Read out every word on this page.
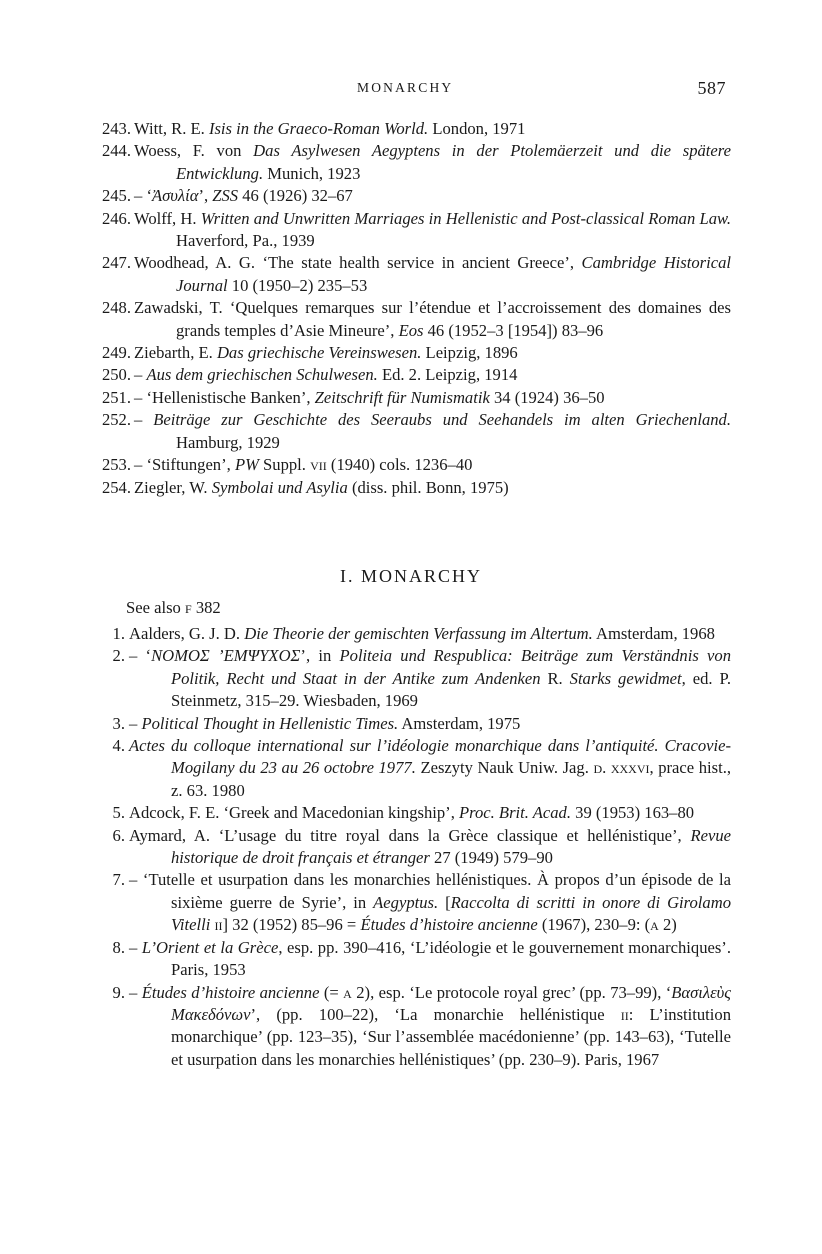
MONARCHY	587
243. Witt, R. E. Isis in the Graeco-Roman World. London, 1971
244. Woess, F. von Das Asylwesen Aegyptens in der Ptolemäerzeit und die spätere Entwicklung. Munich, 1923
245. – ‘Ἀσυλία’, ZSS 46 (1926) 32–67
246. Wolff, H. Written and Unwritten Marriages in Hellenistic and Post-classical Roman Law. Haverford, Pa., 1939
247. Woodhead, A. G. ‘The state health service in ancient Greece’, Cambridge Historical Journal 10 (1950–2) 235–53
248. Zawadski, T. ‘Quelques remarques sur l’étendue et l’accroissement des domaines des grands temples d’Asie Mineure’, Eos 46 (1952–3 [1954]) 83–96
249. Ziebarth, E. Das griechische Vereinswesen. Leipzig, 1896
250. – Aus dem griechischen Schulwesen. Ed. 2. Leipzig, 1914
251. – ‘Hellenistische Banken’, Zeitschrift für Numismatik 34 (1924) 36–50
252. – Beiträge zur Geschichte des Seeraubs und Seehandels im alten Griechenland. Hamburg, 1929
253. – ‘Stiftungen’, PW Suppl. vii (1940) cols. 1236–40
254. Ziegler, W. Symbolai und Asylia (diss. phil. Bonn, 1975)
I. MONARCHY
See also f 382
1. Aalders, G. J. D. Die Theorie der gemischten Verfassung im Altertum. Amsterdam, 1968
2. – ‘ΝΟΜΟΣ ’ΕΜΨΥΧΟΣ’, in Politeia und Respublica: Beiträge zum Verständnis von Politik, Recht und Staat in der Antike zum Andenken R. Starks gewidmet, ed. P. Steinmetz, 315–29. Wiesbaden, 1969
3. – Political Thought in Hellenistic Times. Amsterdam, 1975
4. Actes du colloque international sur l’idéologie monarchique dans l’antiquité. Cracovie-Mogilany du 23 au 26 octobre 1977. Zeszyty Nauk Uniw. Jag. d. xxxvi, prace hist., z. 63. 1980
5. Adcock, F. E. ‘Greek and Macedonian kingship’, Proc. Brit. Acad. 39 (1953) 163–80
6. Aymard, A. ‘L’usage du titre royal dans la Grèce classique et hellénistique’, Revue historique de droit français et étranger 27 (1949) 579–90
7. – ‘Tutelle et usurpation dans les monarchies hellénistiques. À propos d’un épisode de la sixième guerre de Syrie’, in Aegyptus. [Raccolta di scritti in onore di Girolamo Vitelli ii] 32 (1952) 85–96 = Études d’histoire ancienne (1967), 230–9: (a 2)
8. – L’Orient et la Grèce, esp. pp. 390–416, ‘L’idéologie et le gouvernement monarchiques’. Paris, 1953
9. – Études d’histoire ancienne (= a 2), esp. ‘Le protocole royal grec’ (pp. 73–99), ‘Βασιλεὺς Μακεδόνων’, (pp. 100–22), ‘La monarchie hellénistique ii: L’institution monarchique’ (pp. 123–35), ‘Sur l’assemblée macédonienne’ (pp. 143–63), ‘Tutelle et usurpation dans les monarchies hellénistiques’ (pp. 230–9). Paris, 1967
